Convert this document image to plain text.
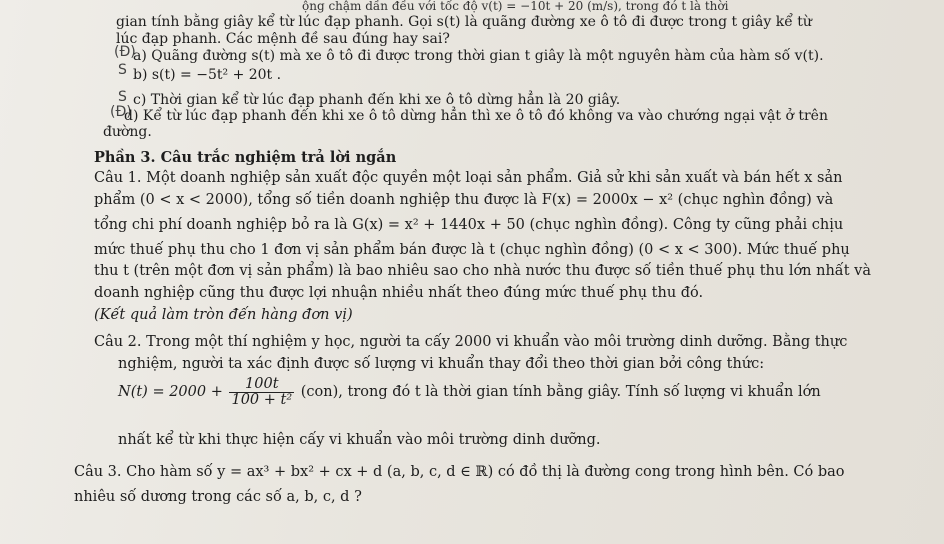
ộng chậm dần đều với tốc độ v(t) = −10t + 20 (m/s), trong đó t là thời
gian tính bằng giây kể từ lúc đạp phanh. Gọi s(t) là quãng đường xe ô tô đi được trong t giây kể từ
lúc đạp phanh. Các mệnh đề sau đúng hay sai?
(Đ)
a) Quãng đường s(t) mà xe ô tô đi được trong thời gian t giây là một nguyên hàm của hàm số v(t).
S b) s(t) = −5t² + 20t .
S c) Thời gian kể từ lúc đạp phanh đến khi xe ô tô dừng hẳn là 20 giây.
(Đ)
d) Kể từ lúc đạp phanh đến khi xe ô tô dừng hẳn thì xe ô tô đó không va vào chướng ngại vật ở trên
đường.
Phần 3. Câu trắc nghiệm trả lời ngắn
Câu 1. Một doanh nghiệp sản xuất độc quyền một loại sản phẩm. Giả sử khi sản xuất và bán hết x sản
phẩm (0 < x < 2000), tổng số tiền doanh nghiệp thu được là F(x) = 2000x − x² (chục nghìn đồng) và
tổng chi phí doanh nghiệp bỏ ra là G(x) = x² + 1440x + 50 (chục nghìn đồng). Công ty cũng phải chịu
mức thuế phụ thu cho 1 đơn vị sản phẩm bán được là t (chục nghìn đồng) (0 < x < 300). Mức thuế phụ
thu t (trên một đơn vị sản phẩm) là bao nhiêu sao cho nhà nước thu được số tiền thuế phụ thu lớn nhất và
doanh nghiệp cũng thu được lợi nhuận nhiều nhất theo đúng mức thuế phụ thu đó.
(Kết quả làm tròn đến hàng đơn vị)
Câu 2. Trong một thí nghiệm y học, người ta cấy 2000 vi khuẩn vào môi trường dinh dưỡng. Bằng thực
nghiệm, người ta xác định được số lượng vi khuẩn thay đổi theo thời gian bởi công thức:
$N(t) = 2000 + \frac{100t}{\text{100 + t²}} (con)$, trong đó t là thời gian tính bằng giây. Tính số lượng vi khuẩn lớn
nhất kể từ khi thực hiện cấy vi khuẩn vào môi trường dinh dưỡng.
Câu 3. Cho hàm số y = ax³ + bx² + cx + d (a, b, c, d ∈ ℝ) có đồ thị là đường cong trong hình bên. Có bao
nhiêu số dương trong các số a, b, c, d ?
